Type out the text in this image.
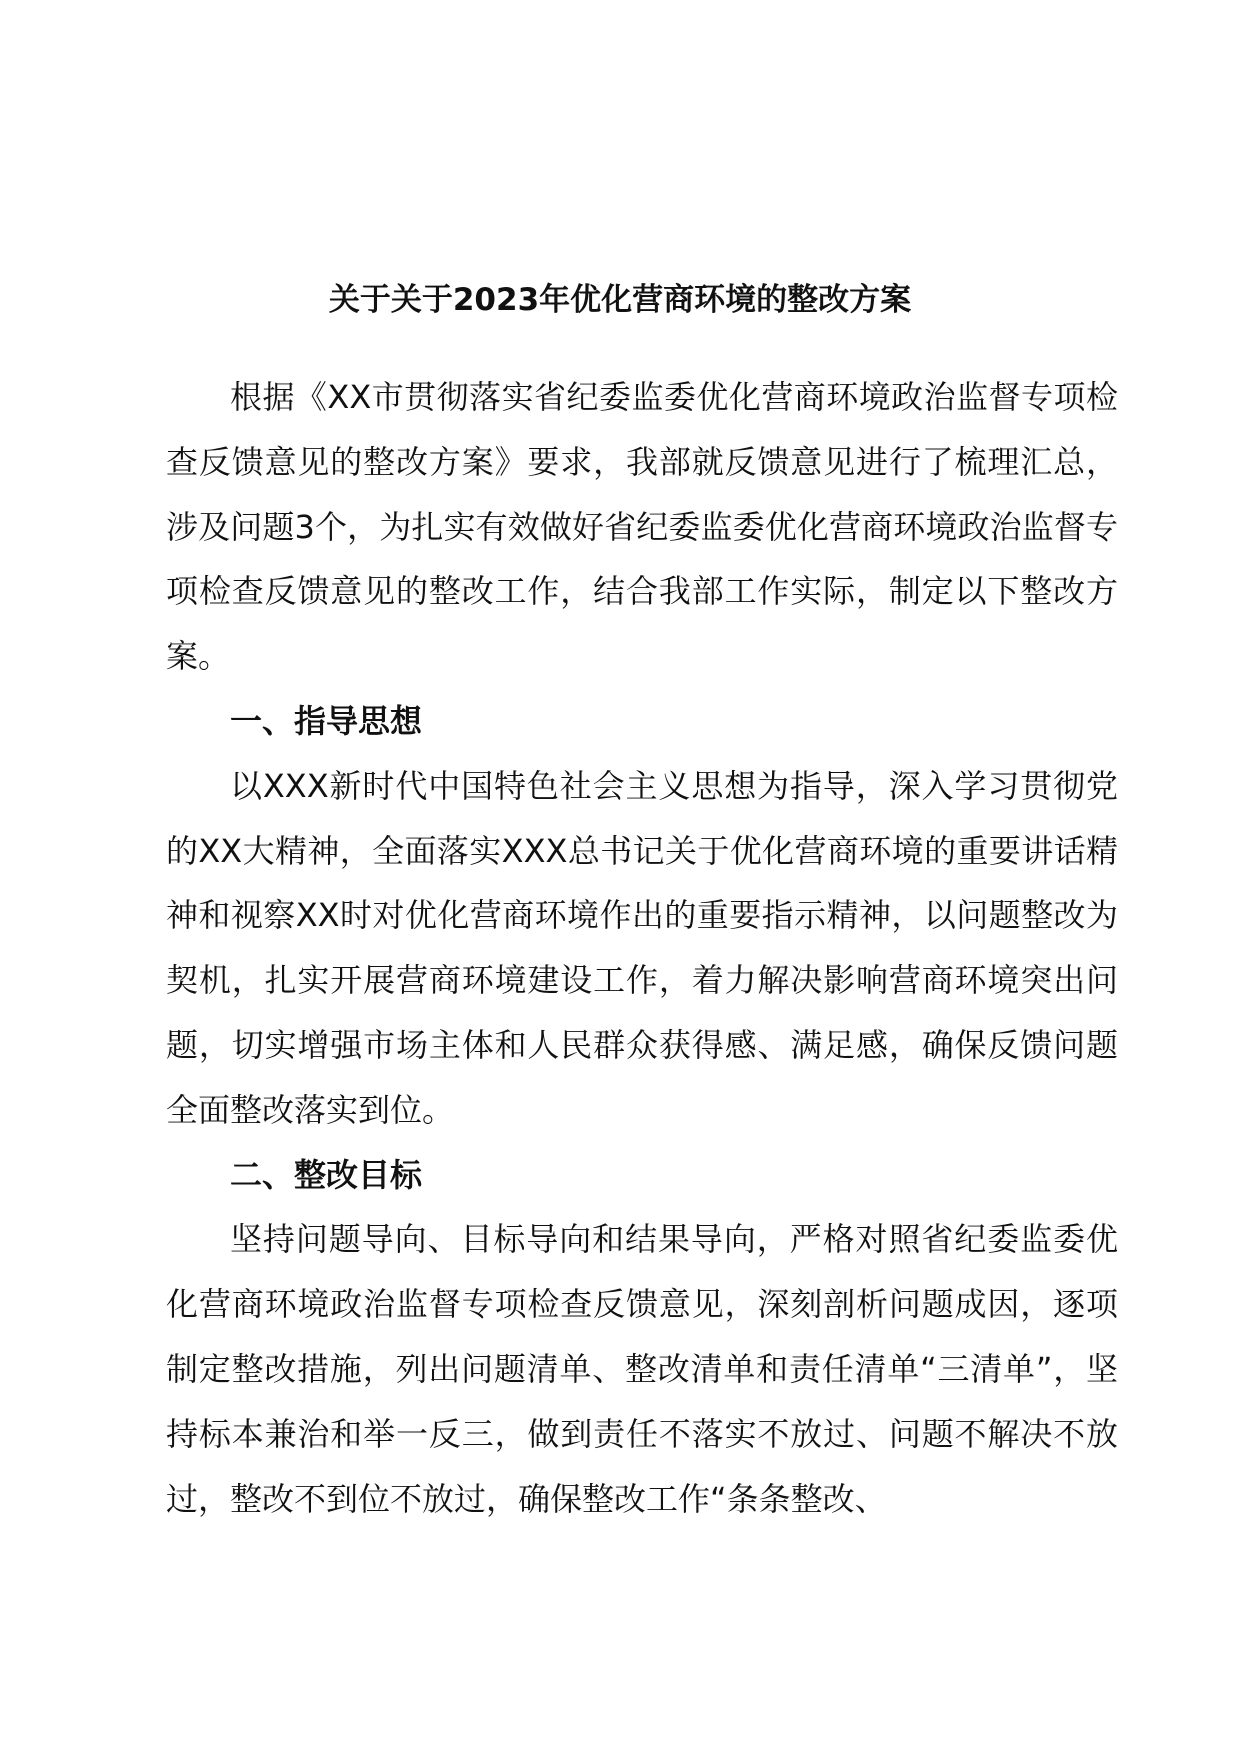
关于关于2023年优化营商环境的整改方案

根据《XX市贯彻落实省纪委监委优化营商环境政治监督专项检查反馈意见的整改方案》要求，我部就反馈意见进行了梳理汇总，涉及问题3个，为扎实有效做好省纪委监委优化营商环境政治监督专项检查反馈意见的整改工作，结合我部工作实际，制定以下整改方案。

一、指导思想

以XXX新时代中国特色社会主义思想为指导，深入学习贯彻党的XX大精神，全面落实XXX总书记关于优化营商环境的重要讲话精神和视察XX时对优化营商环境作出的重要指示精神，以问题整改为契机，扎实开展营商环境建设工作，着力解决影响营商环境突出问题，切实增强市场主体和人民群众获得感、满足感，确保反馈问题全面整改落实到位。

二、整改目标

坚持问题导向、目标导向和结果导向，严格对照省纪委监委优化营商环境政治监督专项检查反馈意见，深刻剖析问题成因，逐项制定整改措施，列出问题清单、整改清单和责任清单“三清单”，坚持标本兼治和举一反三，做到责任不落实不放过、问题不解决不放过，整改不到位不放过，确保整改工作“条条整改、
